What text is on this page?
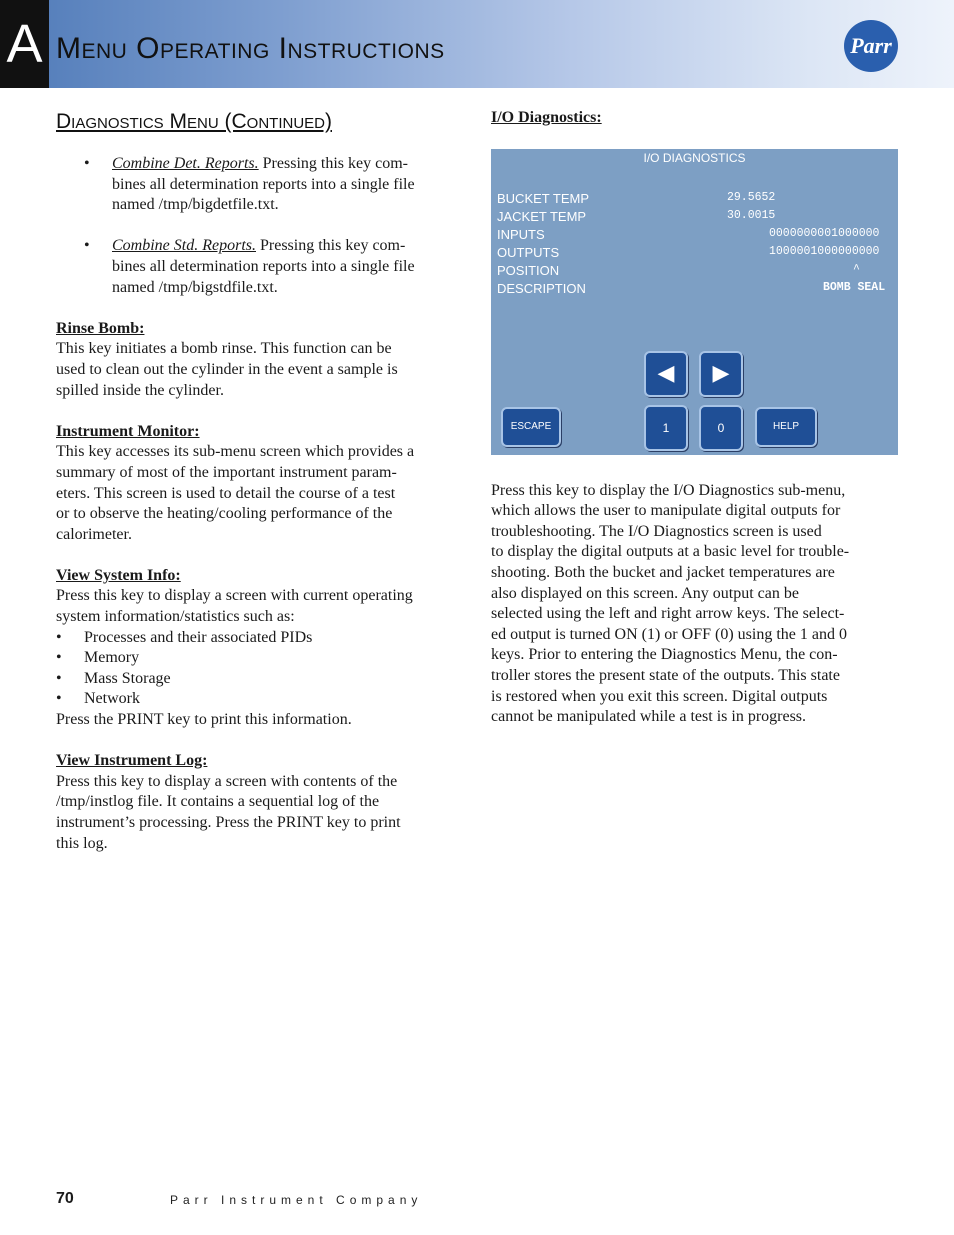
A Menu Operating Instructions	Parr
Diagnostics Menu (Continued)
• Combine Det. Reports. Pressing this key com-
bines all determination reports into a single file
named /tmp/bigdetfile.txt.
• Combine Std. Reports. Pressing this key com-
bines all determination reports into a single file
named /tmp/bigstdfile.txt.
Rinse Bomb:
This key initiates a bomb rinse. This function can be
used to clean out the cylinder in the event a sample is
spilled inside the cylinder.
Instrument Monitor:
This key accesses its sub-menu screen which provides a
summary of most of the important instrument param-
eters. This screen is used to detail the course of a test
or to observe the heating/cooling performance of the
calorimeter.
View System Info:
Press this key to display a screen with current operating
system information/statistics such as:
• Processes and their associated PIDs
• Memory
• Mass Storage
• Network
Press the PRINT key to print this information.
View Instrument Log:
Press this key to display a screen with contents of the
/tmp/instlog file. It contains a sequential log of the
instrument’s processing. Press the PRINT key to print
this log.
I/O Diagnostics:
I/O DIAGNOSTICS
BUCKET TEMP	29.5652
JACKET TEMP	30.0015
INPUTS	0000000001000000
OUTPUTS	1000001000000000
POSITION	^
DESCRIPTION	BOMB SEAL
◀	▶
ESCAPE	1	0	HELP
Press this key to display the I/O Diagnostics sub-menu,
which allows the user to manipulate digital outputs for
troubleshooting. The I/O Diagnostics screen is used
to display the digital outputs at a basic level for trouble-
shooting. Both the bucket and jacket temperatures are
also displayed on this screen. Any output can be
selected using the left and right arrow keys. The select-
ed output is turned ON (1) or OFF (0) using the 1 and 0
keys. Prior to entering the Diagnostics Menu, the con-
troller stores the present state of the outputs. This state
is restored when you exit this screen. Digital outputs
cannot be manipulated while a test is in progress.
70	Parr Instrument Company
